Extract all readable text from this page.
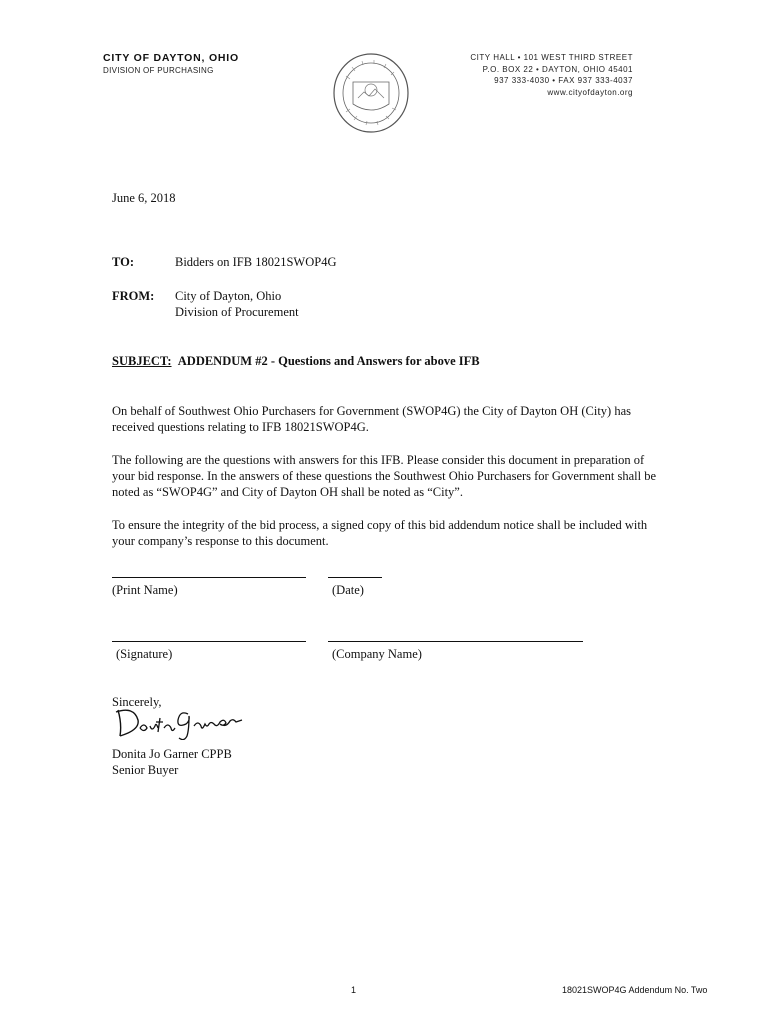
CITY OF DAYTON, OHIO
DIVISION OF PURCHASING
CITY HALL • 101 WEST THIRD STREET
P.O. BOX 22 • DAYTON, OHIO 45401
937 333-4030 • FAX 937 333-4037
www.cityofdayton.org
June 6, 2018
TO:	Bidders on IFB 18021SWOP4G
FROM: City of Dayton, Ohio
Division of Procurement
SUBJECT: ADDENDUM #2 - Questions and Answers for above IFB
On behalf of Southwest Ohio Purchasers for Government (SWOP4G) the City of Dayton OH (City) has
received questions relating to IFB 18021SWOP4G.
The following are the questions with answers for this IFB. Please consider this document in preparation of
your bid response. In the answers of these questions the Southwest Ohio Purchasers for Government shall be
noted as “SWOP4G” and City of Dayton OH shall be noted as “City”.
To ensure the integrity of the bid process, a signed copy of this bid addendum notice shall be included with
your company’s response to this document.
(Print Name)	(Date)
(Signature)	(Company Name)
Sincerely,
Donita Jo Garner CPPB
Senior Buyer
1	18021SWOP4G Addendum No. Two
